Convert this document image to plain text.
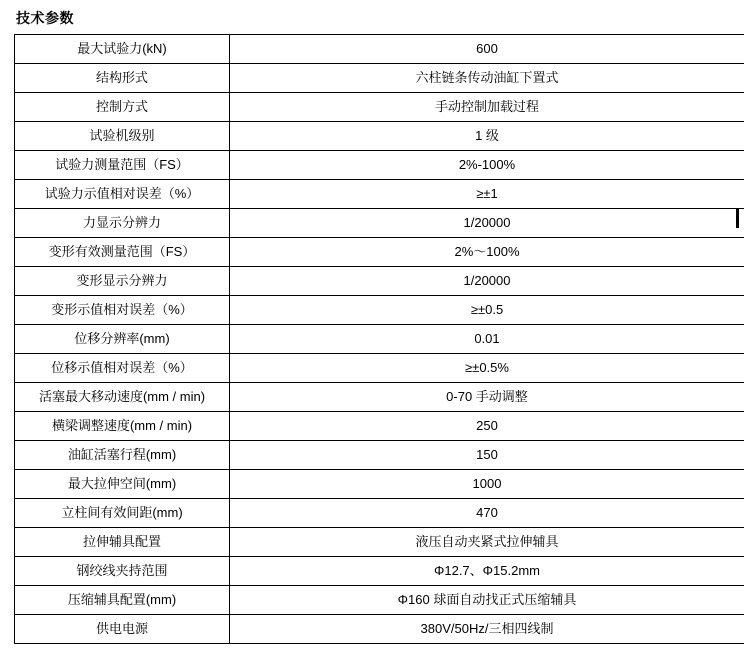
技术参数
最大试验力(kN)	600
结构形式	六柱链条传动油缸下置式
控制方式	手动控制加载过程
试验机级别	1 级
试验力测量范围（FS）	2%-100%
试验力示值相对误差（%）	≥±1
力显示分辨力	1/20000
变形有效测量范围（FS）	2%～100%
变形显示分辨力	1/20000
变形示值相对误差（%）	≥±0.5
位移分辨率(mm)	0.01
位移示值相对误差（%）	≥±0.5%
活塞最大移动速度(mm / min)	0-70 手动调整
横梁调整速度(mm / min)	250
油缸活塞行程(mm)	150
最大拉伸空间(mm)	1000
立柱间有效间距(mm)	470
拉伸辅具配置	液压自动夹紧式拉伸辅具
钢绞线夹持范围	Φ12.7、Φ15.2mm
压缩辅具配置(mm)	Φ160 球面自动找正式压缩辅具
供电电源	380V/50Hz/三相四线制
